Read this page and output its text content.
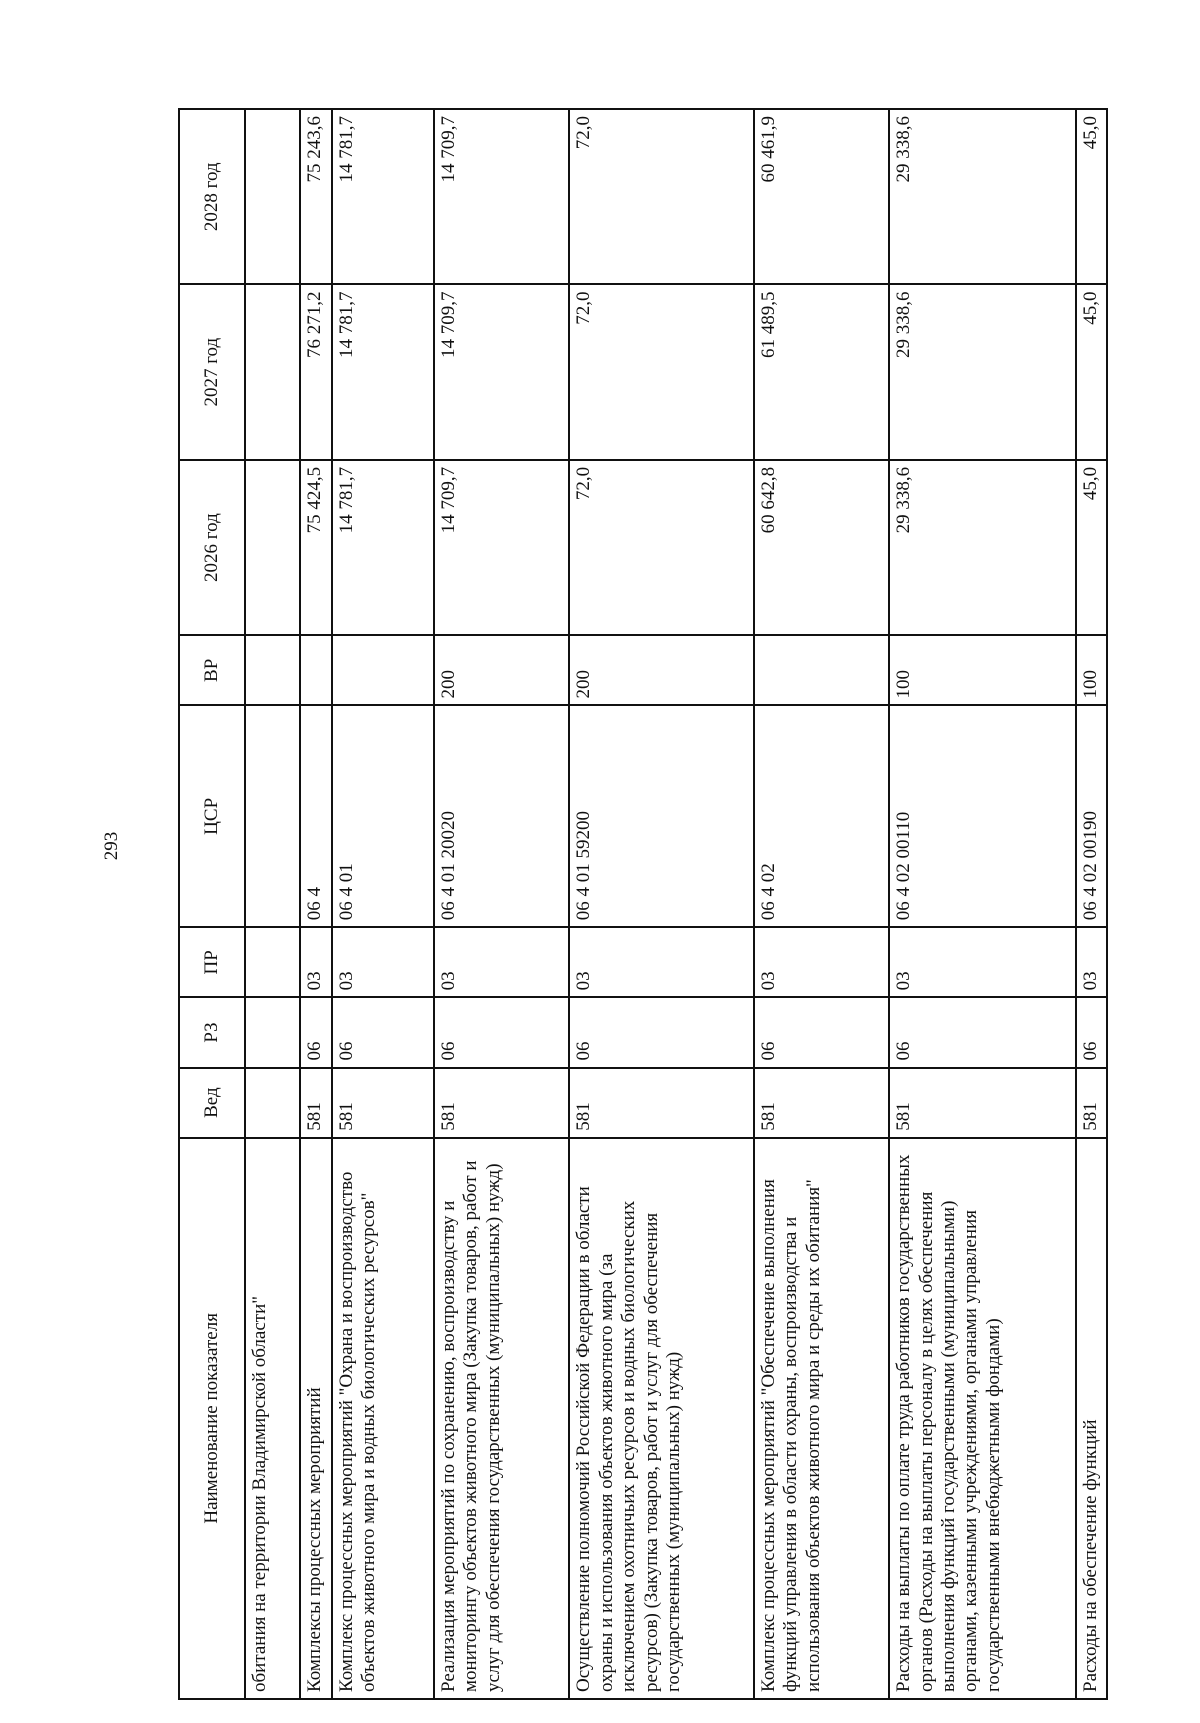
293
Наименование показателя	Вед	РЗ	ПР	ЦСР	ВР	2026 год	2027 год	2028 год
обитания на территории Владимирской области"								
Комплексы процессных мероприятий	581	06	03	06 4		75 424,5	76 271,2	75 243,6
Комплекс процессных мероприятий "Охрана и воспроизводство объектов животного мира и водных биологических ресурсов"	581	06	03	06 4 01		14 781,7	14 781,7	14 781,7
Реализация мероприятий по сохранению, воспроизводству и мониторингу объектов животного мира (Закупка товаров, работ и услуг для обеспечения государственных (муниципальных) нужд)	581	06	03	06 4 01 20020	200	14 709,7	14 709,7	14 709,7
Осуществление полномочий Российской Федерации в области охраны и использования объектов животного мира (за исключением охотничьих ресурсов и водных биологических ресурсов) (Закупка товаров, работ и услуг для обеспечения государственных (муниципальных) нужд)	581	06	03	06 4 01 59200	200	72,0	72,0	72,0
Комплекс процессных мероприятий "Обеспечение выполнения функций управления в области охраны, воспроизводства и использования объектов животного мира и среды их обитания"	581	06	03	06 4 02		60 642,8	61 489,5	60 461,9
Расходы на выплаты по оплате труда работников государственных органов (Расходы на выплаты персоналу в целях обеспечения выполнения функций государственными (муниципальными) органами, казенными учреждениями, органами управления государственными внебюджетными фондами)	581	06	03	06 4 02 00110	100	29 338,6	29 338,6	29 338,6
Расходы на обеспечение функций	581	06	03	06 4 02 00190	100	45,0	45,0	45,0
